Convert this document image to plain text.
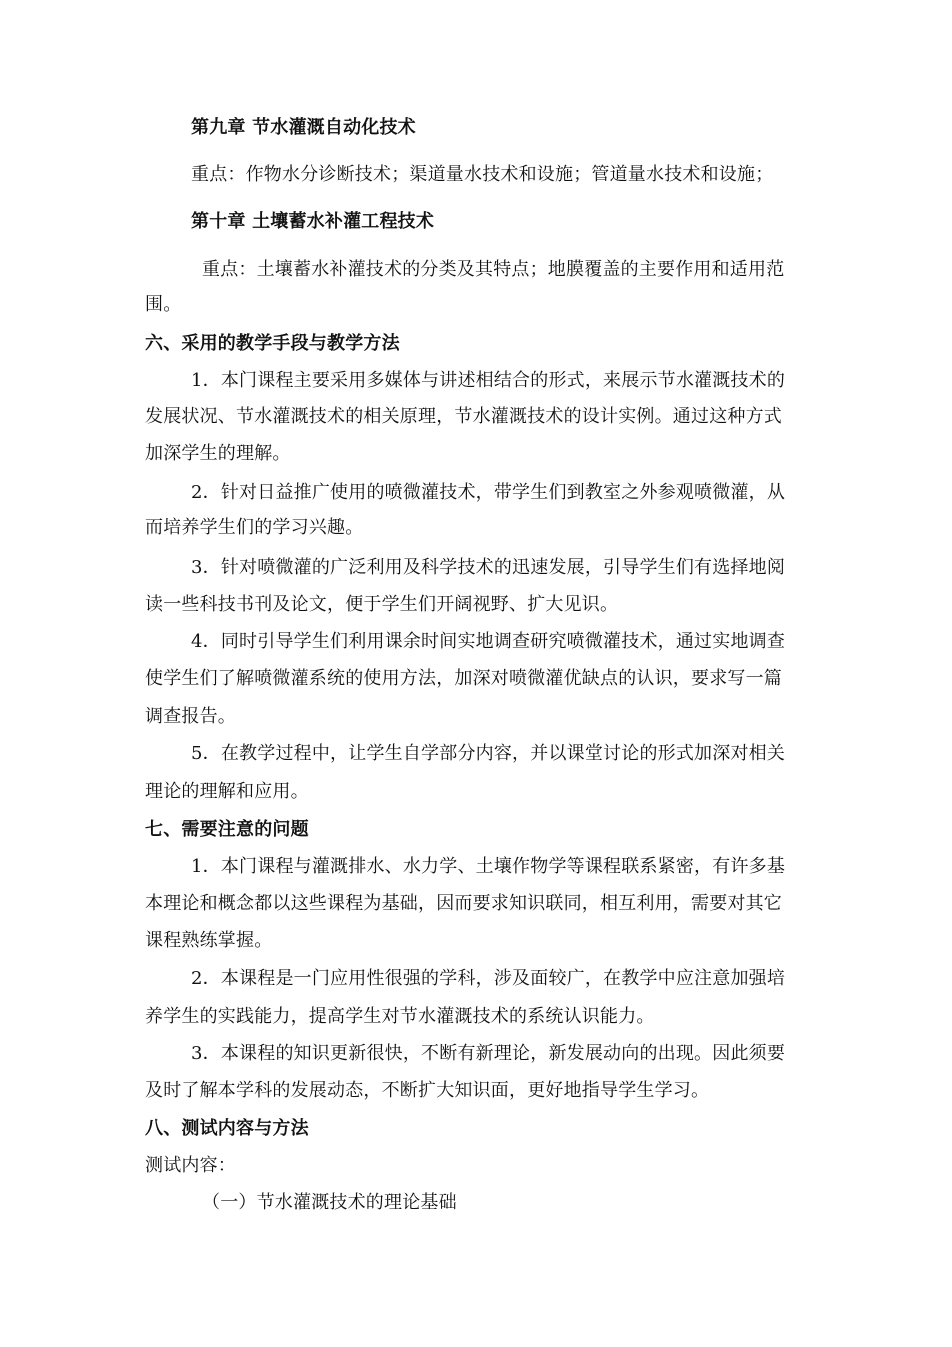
第九章 节水灌溉自动化技术
重点：作物水分诊断技术；渠道量水技术和设施；管道量水技术和设施；
第十章 土壤蓄水补灌工程技术
重点：土壤蓄水补灌技术的分类及其特点；地膜覆盖的主要作用和适用范
围。
六、采用的教学手段与教学方法
1．本门课程主要采用多媒体与讲述相结合的形式，来展示节水灌溉技术的
发展状况、节水灌溉技术的相关原理，节水灌溉技术的设计实例。通过这种方式
加深学生的理解。
2．针对日益推广使用的喷微灌技术，带学生们到教室之外参观喷微灌，从
而培养学生们的学习兴趣。
3．针对喷微灌的广泛利用及科学技术的迅速发展，引导学生们有选择地阅
读一些科技书刊及论文，便于学生们开阔视野、扩大见识。
4．同时引导学生们利用课余时间实地调查研究喷微灌技术，通过实地调查
使学生们了解喷微灌系统的使用方法，加深对喷微灌优缺点的认识，要求写一篇
调查报告。
5．在教学过程中，让学生自学部分内容，并以课堂讨论的形式加深对相关
理论的理解和应用。
七、需要注意的问题
1．本门课程与灌溉排水、水力学、土壤作物学等课程联系紧密，有许多基
本理论和概念都以这些课程为基础，因而要求知识联同，相互利用，需要对其它
课程熟练掌握。
2．本课程是一门应用性很强的学科，涉及面较广，在教学中应注意加强培
养学生的实践能力，提高学生对节水灌溉技术的系统认识能力。
3．本课程的知识更新很快，不断有新理论，新发展动向的出现。因此须要
及时了解本学科的发展动态，不断扩大知识面，更好地指导学生学习。
八、测试内容与方法
测试内容：
（一）节水灌溉技术的理论基础
